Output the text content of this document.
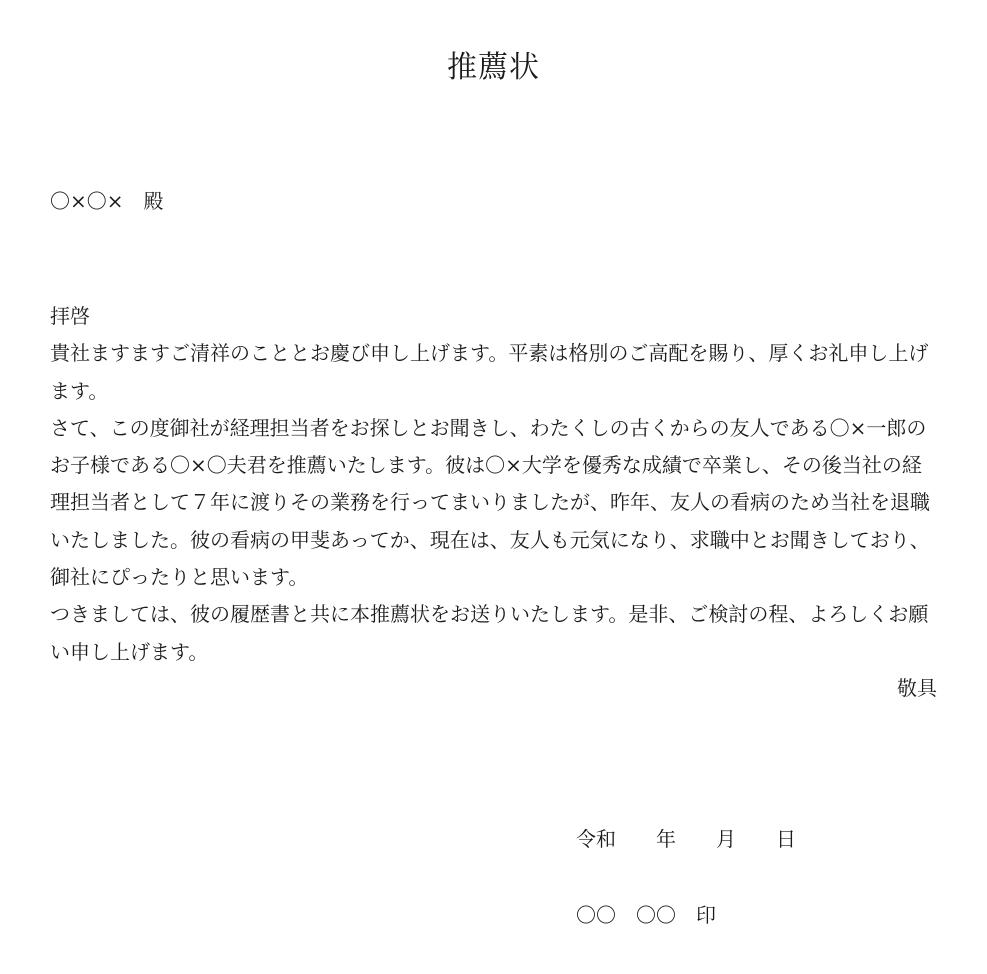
推薦状
〇×〇×　殿

拝啓

貴社ますますご清祥のこととお慶び申し上げます。平素は格別のご高配を賜り、厚くお礼申し上げます。

さて、この度御社が経理担当者をお探しとお聞きし、わたくしの古くからの友人である〇×一郎のお子様である〇×〇夫君を推薦いたします。彼は〇×大学を優秀な成績で卒業し、その後当社の経理担当者として７年に渡りその業務を行ってまいりましたが、昨年、友人の看病のため当社を退職いたしました。彼の看病の甲斐あってか、現在は、友人も元気になり、求職中とお聞きしており、御社にぴったりと思います。

つきましては、彼の履歴書と共に本推薦状をお送りいたします。是非、ご検討の程、よろしくお願い申し上げます。

敬具
令和　　年　　月　　日
〇〇　〇〇　印
